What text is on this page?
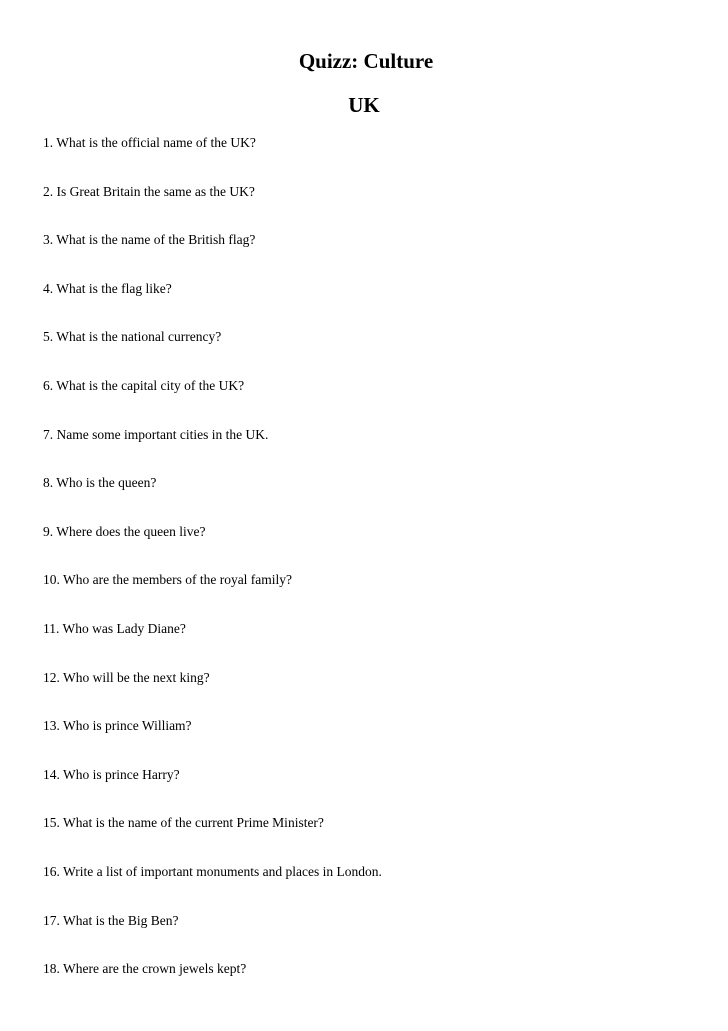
Quizz: Culture
UK
1. What is the official name of the UK?
2. Is Great Britain the same as the UK?
3. What is the name of the British flag?
4. What is the flag like?
5. What is the national currency?
6. What is the capital city of the UK?
7. Name some important cities in the UK.
8. Who is the queen?
9. Where does the queen live?
10. Who are the members of the royal family?
11. Who was Lady Diane?
12. Who will be the next king?
13. Who is prince William?
14. Who is prince Harry?
15. What is the name of the current Prime Minister?
16. Write a list of important monuments and places in London.
17. What is the Big Ben?
18. Where are the crown jewels kept?
